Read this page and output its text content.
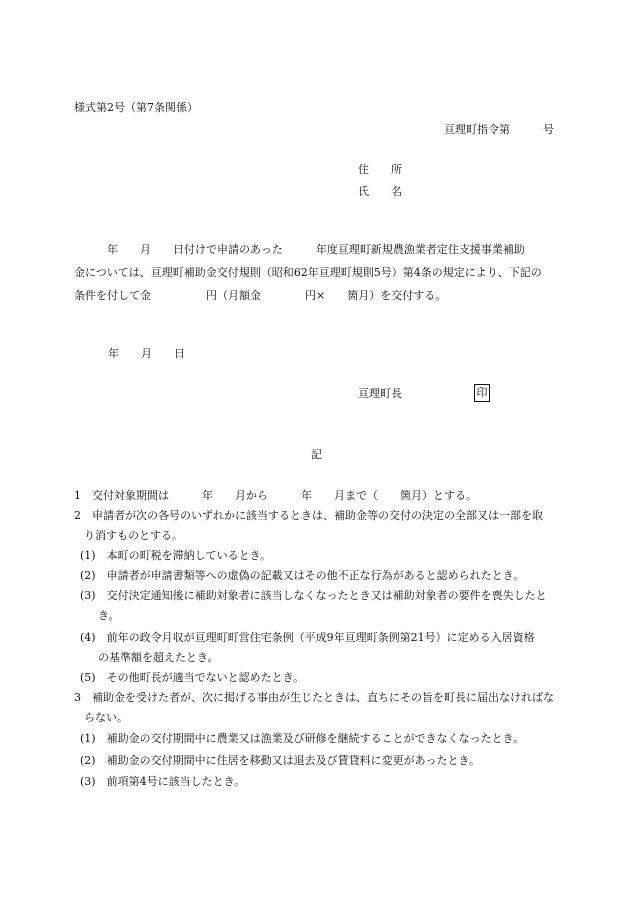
様式第2号（第7条関係）
亘理町指令第　　　号
住　　所
氏　　名
　　　年　　月　　日付けで申請のあった　　　年度亘理町新規農漁業者定住支援事業補助
金については、亘理町補助金交付規則（昭和62年亘理町規則5号）第4条の規定により、下記の
条件を付して金　　　　　円（月額金　　　　円×　　箇月）を交付する。
年　　月　　日
亘理町長	印
記
1　交付対象期間は　　　年　　月から　　　年　　月まで（　　箇月）とする。
2　申請者が次の各号のいずれかに該当するときは、補助金等の交付の決定の全部又は一部を取
り消すものとする。
(1)　本町の町税を滞納しているとき。
(2)　申請者が申請書類等への虚偽の記載又はその他不正な行為があると認められたとき。
(3)　交付決定通知後に補助対象者に該当しなくなったとき又は補助対象者の要件を喪失したと
き。
(4)　前年の政令月収が亘理町町営住宅条例（平成9年亘理町条例第21号）に定める入居資格
の基準額を超えたとき。
(5)　その他町長が適当でないと認めたとき。
3　補助金を受けた者が、次に掲げる事由が生じたときは、直ちにその旨を町長に届出なければな
らない。
(1)　補助金の交付期間中に農業又は漁業及び研修を継続することができなくなったとき。
(2)　補助金の交付期間中に住居を移動又は退去及び賃貸料に変更があったとき。
(3)　前項第4号に該当したとき。
